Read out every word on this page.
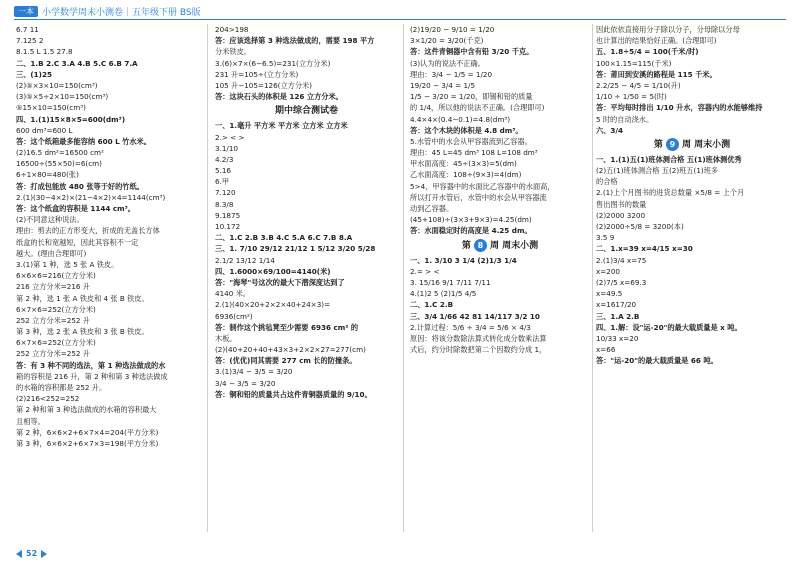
一本 小学数学周末小测卷｜五年级下册 BS版
6.7 11
7.125 2
8.1.5 L 1.5 27.8
二、1.B 2.C 3.A 4.B 5.C 6.B 7.A
三、(1)25
(2)⑤×3×10=150(cm³)
(3)⑤×5÷2×10=150(cm³)
⑤15×10=150(cm³)
四、1.(1)15×8×5=600(dm³)
600 dm³=600 L
答：这个纸箱最多能容纳 600 L 竹水米。
(2)16.5 dm²=16500 cm²
16500÷(55×50)=6(cm)
6÷1×80=480(张)
答：打成包能放 480 张等于好的竹纸。
2.(1)(30−4×2)×(21−4×2)×4=1144(cm³)
答：这个纸盒的容积是 1144 cm³。
(2)不同意这种说法。
理由：剪去的正方形变大，折成的无盖长方体
纸盒的长和宽越短，因此其容积不一定
越大。(理由合理即可)
3.(1)第 1 种，选 5 张 A 铁皮。
6×6×6=216(立方分米)
216 立方分米=216 升
第 2 种，选 1 张 A 铁皮和 4 张 B 铁皮。
6×7×6=252(立方分米)
252 立方分米=252 升
第 3 种，选 2 张 A 铁皮和 3 张 B 铁皮。
6×7×6=252(立方分米)
252 立方分米=252 升
答：有 3 种不同的选法，第 1 种选法做成的水
箱的容积是 216 升，第 2 种和第 3 种选法做成
的水箱的容积都是 252 升。
(2)216<252=252
第 2 种和第 3 种选法做成的水箱的容积最大
且相等。
第 2 种，6×6×2+6×7×4=204(平方分米)
第 3 种，6×6×2+6×7×3=198(平方分米)
204>198
答：应该选择第 3 种选法做成的，需要 198 平方
分米铁皮。
3.(6)×7×(6−6.5)=231(立方分米)
231 升=105÷(立方分米)
105 升−105=126(立方分米)
答：这块石头的体积是 126 立方分米。
期中综合测试卷
一、1.毫升 平方米 平方米 立方米 立方米
2.> < >
3.1/10
4.2/3
5.16
6.甲
7.120
8.3/8
9.1875
10.172
二、1.C 2.B 3.B 4.C 5.A 6.C 7.B 8.A
三、1. 7/10 29/12 21/12 1 5/12 3/20 5/28
2.1/2 13/12 1/14
四、1.6000×69/100=4140(米)
答："海琴"号这次的最大下潜深度达到了
4140 米。
2.(1)(40×20+2×2×40+24×3)=
6936(cm²)
答：制作这个挑毡凳至少需要 6936 cm² 的
木板。
(2)(40+20+40+43×3+2×2×27=277(cm)
答：(优优)同其需要 277 cm 长的防撞条。
3.(1)3/4 − 3/5 = 3/20
3/4 − 3/5 = 3/20
答：铜和铅的质量共占这件青铜器质量的 9/10。
(2)19/20 − 9/10 = 1/20
3×1/20 = 3/20(千克)
答：这件青铜器中含有铅 3/20 千克。
(3)认为的说法不正确。
理由：3/4 − 1/5 = 1/20
19/20 − 3/4 = 1/5
1/5 − 3/20 = 1/20，即锡和铅的质量
的 1/4，所以他的说法不正确。(合理即可)
4.4×4×(0.4−0.1)=4.8(dm³)
答：这个木块的体积是 4.8 dm³。
5.水管中的水会从甲容器流到乙容器。
理由：45 L=45 dm³ 108 L=108 dm³
甲水面高度：45÷(3×3)=5(dm)
乙水面高度：108÷(9×3)=4(dm)
5>4，甲容器中的水面比乙容器中的水面高，
所以打开水管后，水管中的水会从甲容器流
动到乙容器。
(45+108)÷(3×3+9×3)=4.25(dm)
答：水面稳定时的高度是 4.25 dm。
第 8 周 周末小测
一、1. 3/10 3 1/4 (2)1/3 1/4
2.= > <
3. 15/16 9/1 7/11 7/11
4.(1)2 5 (2)1/5 4/5
二、1.C 2.B
三、3/4 1/66 42 81 14/117 3/2 10
2.计算过程：5/6 ÷ 3/4 = 5/6 × 4/3
原因：将该分数除法算式转化成分数乘法算
式后，约分时除数把第二个因数约分成 1，
因此依依直接用分子除以分子，分母除以分母
也计算出的结果恰好正确。(合理即可)
五、1.8÷5/4 = 100(千米/时)
100×1.15=115(千米)
答：莆田到安溪的路程是 115 千米。
2.2/25 − 4/5 = 1/10(升)
1/10 ÷ 1/50 = 5(时)
答：平均每时排出 1/10 升水，容器内的水能够维持
5 时的自动浇水。
六、3/4
第 9 周 周末小测
一、1.(1)五(1)班体测合格 五(1)班体测优秀
(2)五(1)班体测合格 五(2)班五(1)班多
的合格
2.(1)上个月图书的进货总数量 ×5/8 = 上个月
售出图书的数量
(2)2000 3200
(2)2000÷5/8 = 3200(本)
3.5 9
二、1.x=39 x=4/15 x=30
2.(1)3/4 x=75
x=200
(2)7/5 x=69.3
x=49.5
x=1617/20
三、1.A 2.B
四、1.解：设"运-20"的最大载质量是 x 吨。
10/33 x=20
x=66
答："运-20"的最大载质量是 66 吨。
52
